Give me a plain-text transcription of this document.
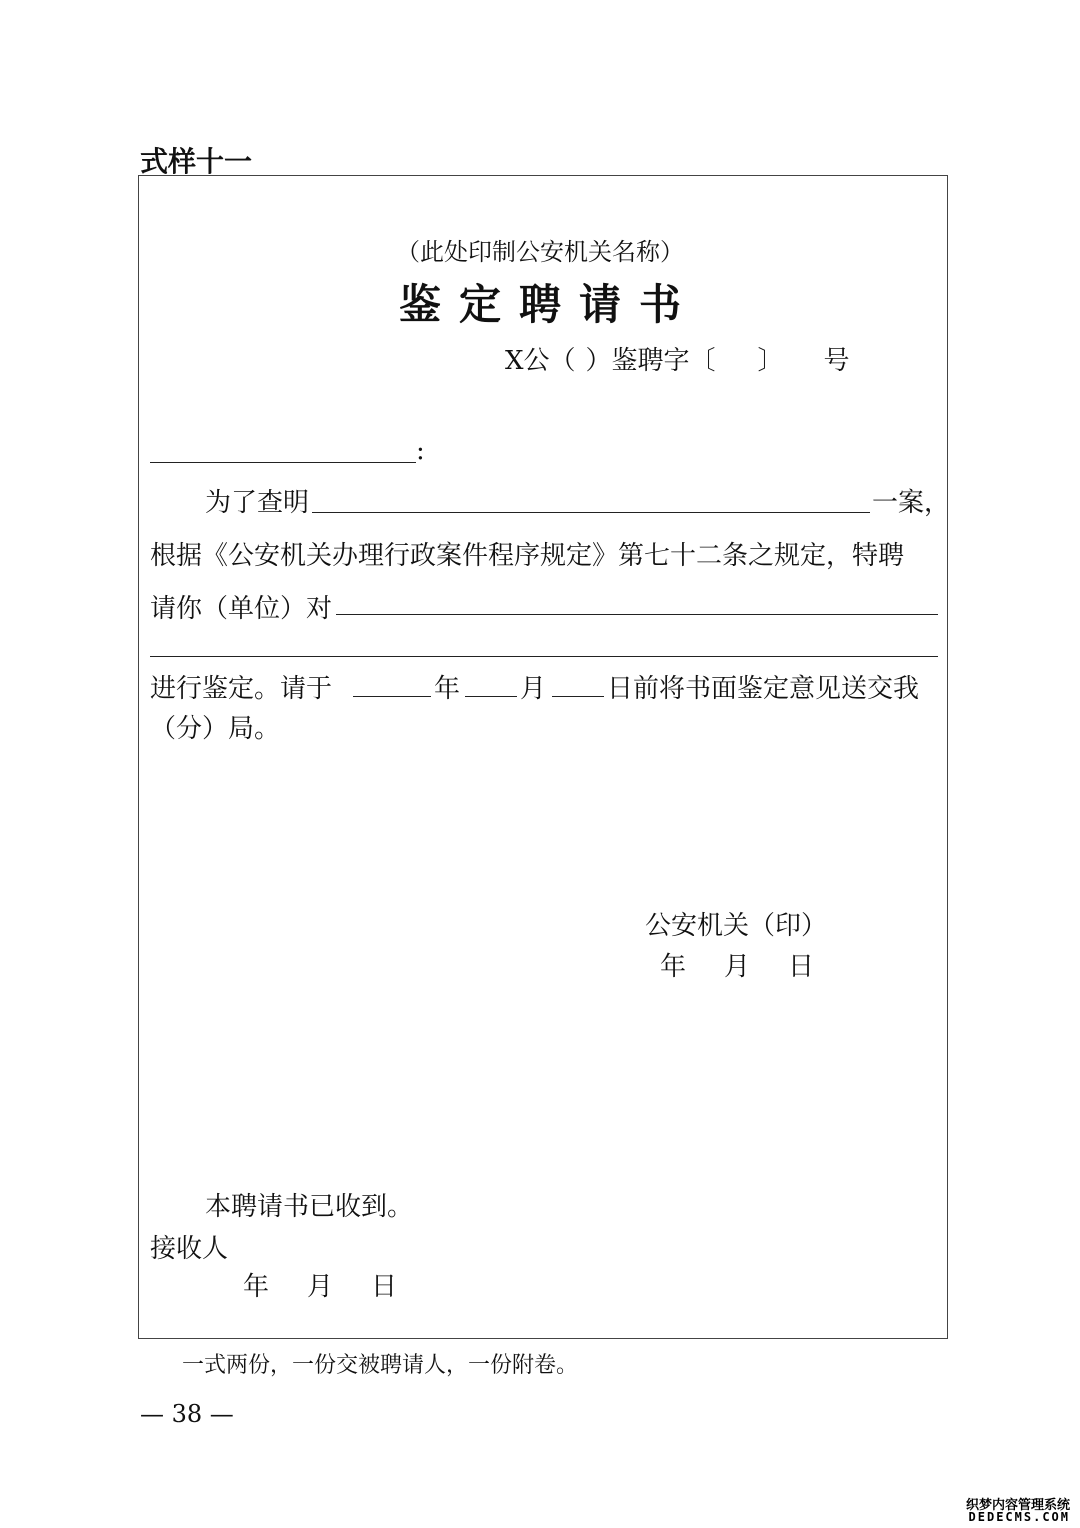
式样十一
（此处印制公安机关名称）
鉴定聘请书
X公（ ）鉴聘字〔 〕 号
:
为了查明	一案，
根据《公安机关办理行政案件程序规定》第七十二条之规定，特聘
请你（单位）对
进行鉴定。请于	年 月 日前将书面鉴定意见送交我
（分）局。
公安机关（印）
年　月　日
本聘请书已收到。
接收人
年　月　日
一式两份，一份交被聘请人，一份附卷。
— 38 —
织梦内容管理系统
DEDECMS.COM
